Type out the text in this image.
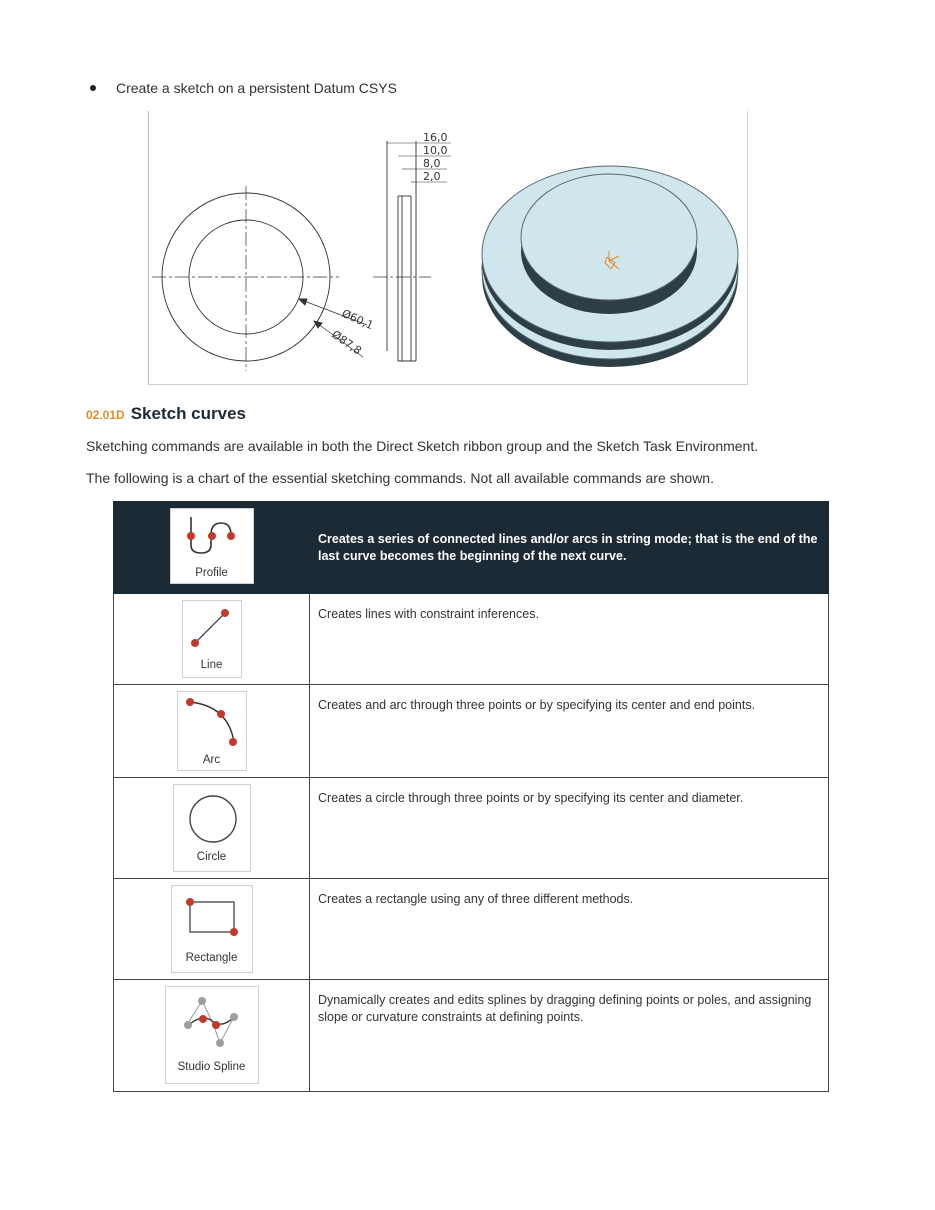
Create a sketch on a persistent Datum CSYS
Ø60,1
Ø87,8
16,0
10,0
8,0
2,0
02.01D Sketch curves
Sketching commands are available in both the Direct Sketch ribbon group and the Sketch Task Environment.
The following is a chart of the essential sketching commands. Not all available commands are shown.
Profile	Creates a series of connected lines and/or arcs in string mode; that is the end of the last curve becomes the beginning of the next curve.

Line	Creates lines with constraint inferences.

Arc	Creates and arc through three points or by specifying its center and end points.

Circle	Creates a circle through three points or by specifying its center and diameter.

Rectangle	Creates a rectangle using any of three different methods.

Studio Spline	Dynamically creates and edits splines by dragging defining points or poles, and assigning slope or curvature constraints at defining points.
